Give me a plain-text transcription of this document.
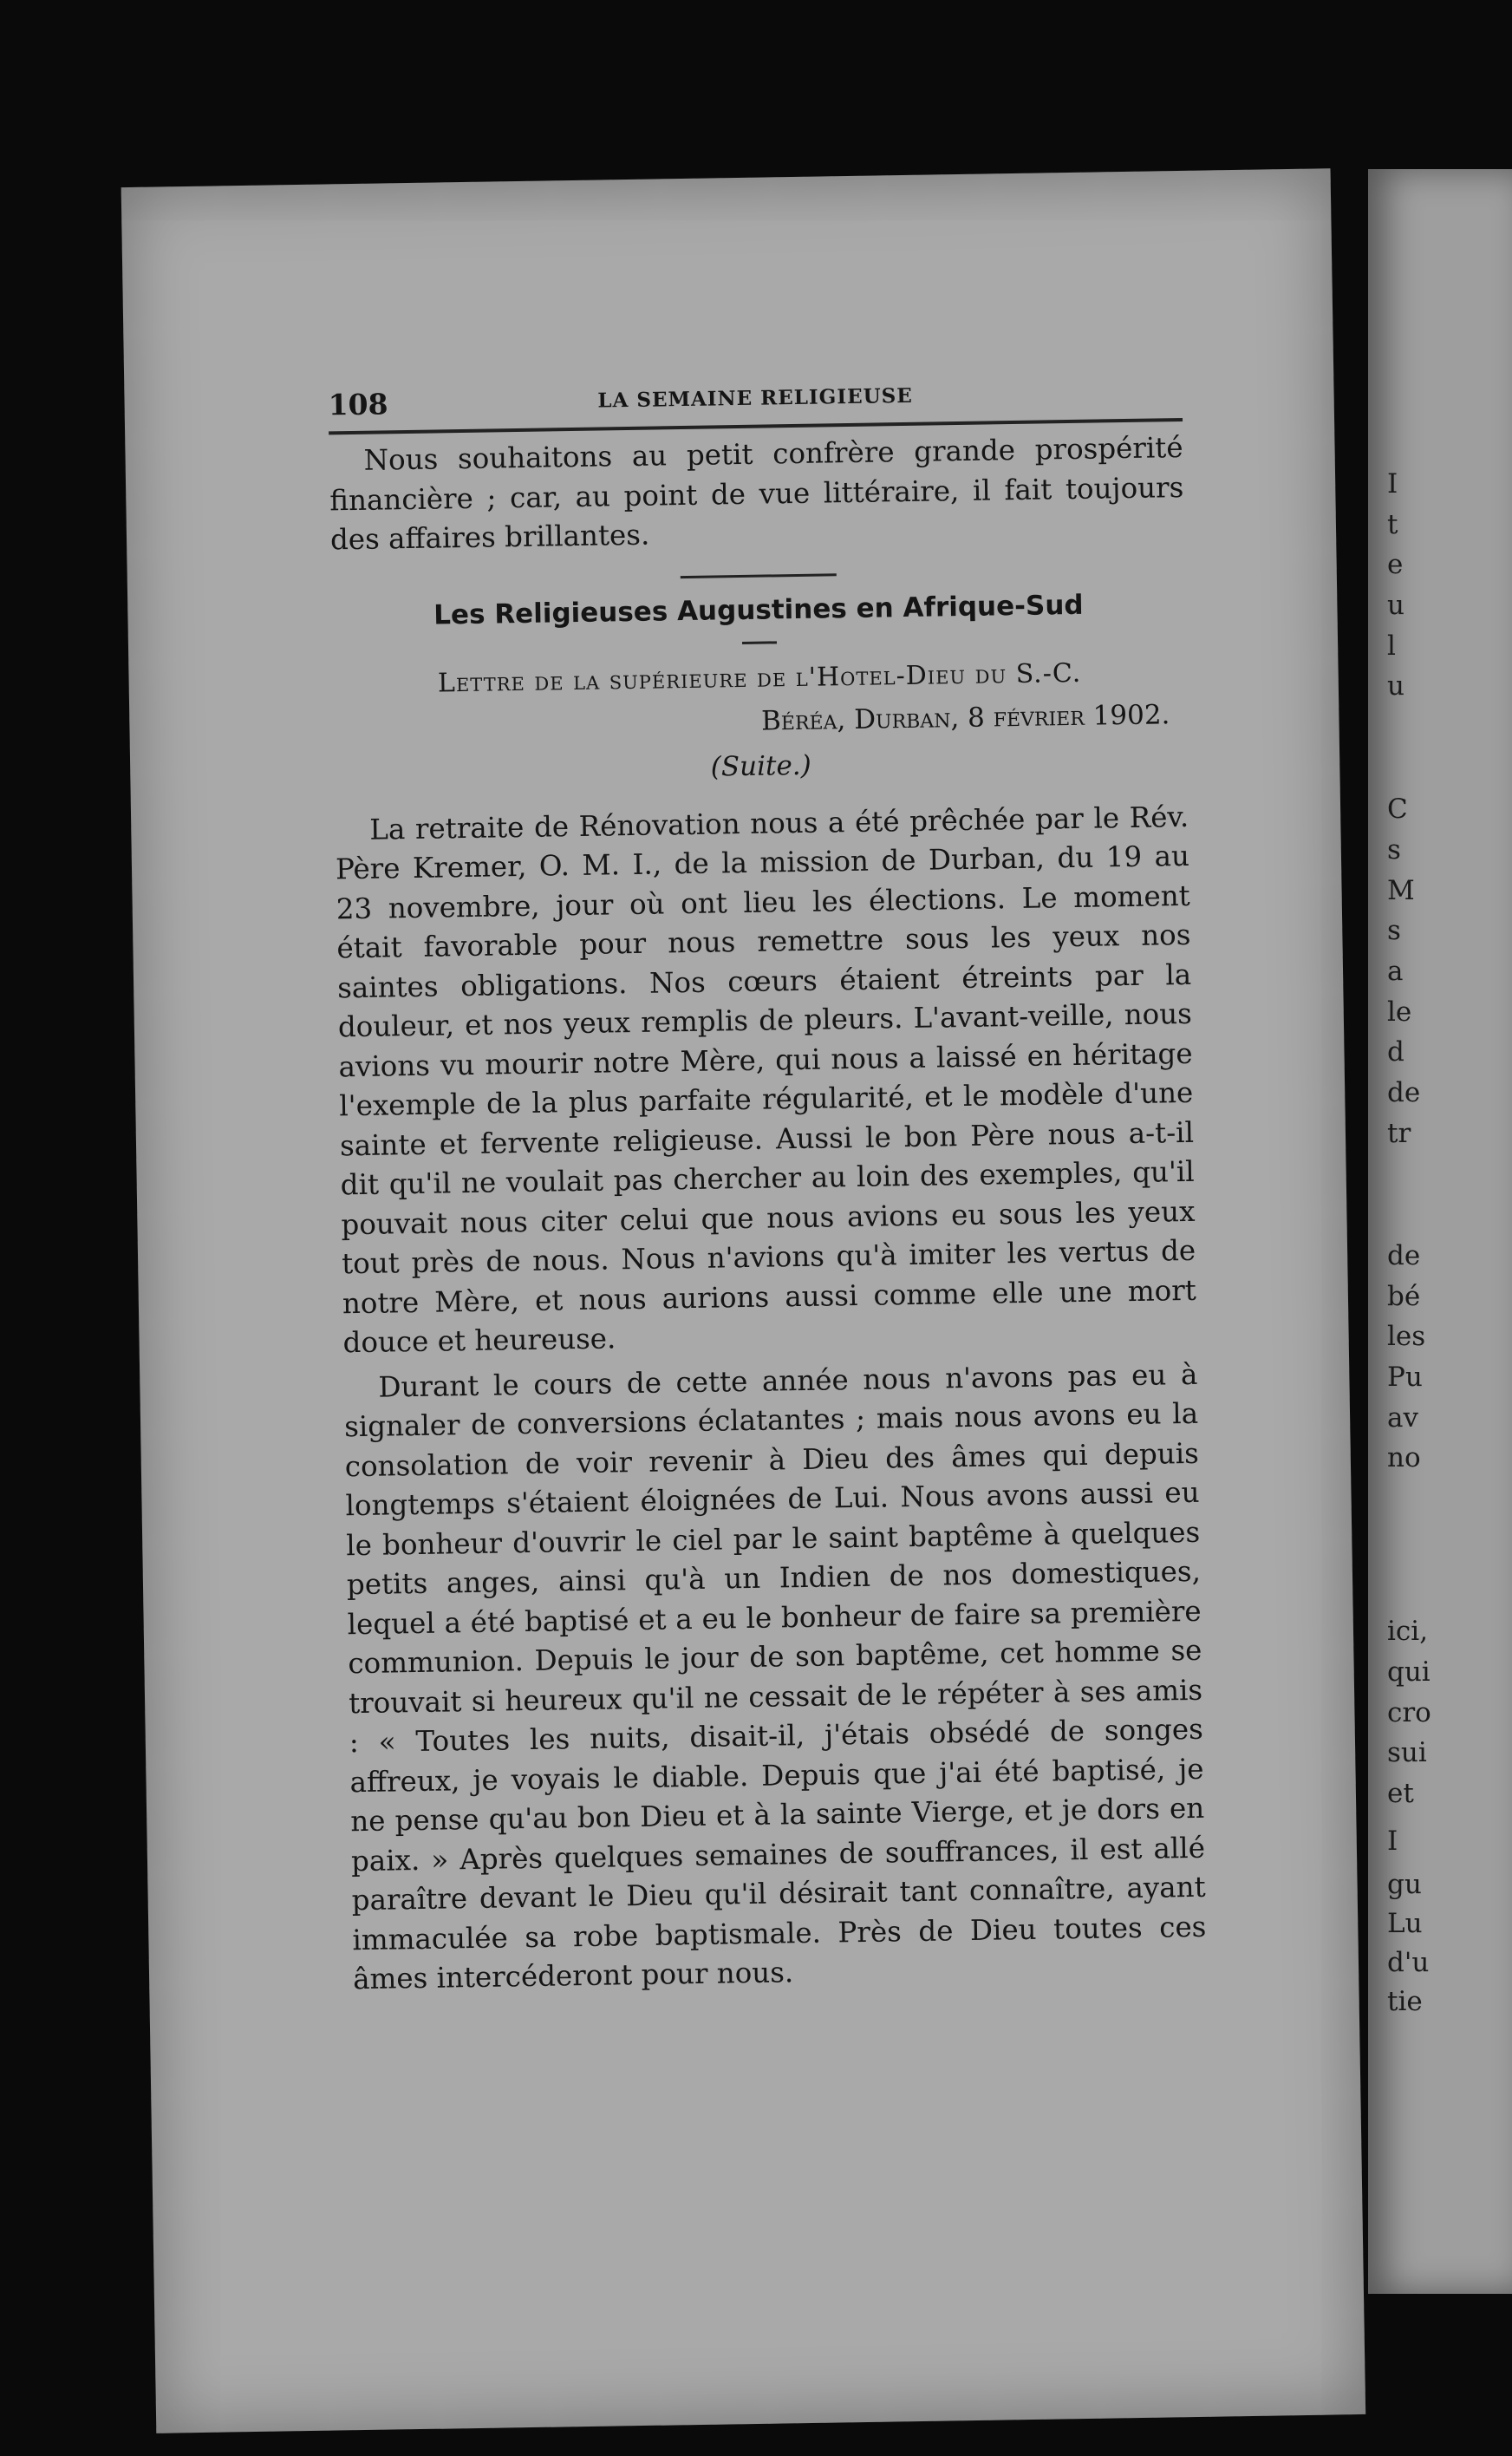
108	LA SEMAINE RELIGIEUSE

Nous souhaitons au petit confrère grande prospérité financière ; car, au point de vue littéraire, il fait toujours des affaires brillantes.

Les Religieuses Augustines en Afrique-Sud
Lettre de la supérieure de l'Hotel-Dieu du S.-C.
Béréa, Durban, 8 février 1902.
(Suite.)

La retraite de Rénovation nous a été prêchée par le Rév. Père Kremer, O. M. I., de la mission de Durban, du 19 au 23 novembre, jour où ont lieu les élections. Le moment était favorable pour nous remettre sous les yeux nos saintes obligations. Nos cœurs étaient étreints par la douleur, et nos yeux remplis de pleurs. L'avant-veille, nous avions vu mourir notre Mère, qui nous a laissé en héritage l'exemple de la plus parfaite régularité, et le modèle d'une sainte et fervente religieuse. Aussi le bon Père nous a-t-il dit qu'il ne voulait pas chercher au loin des exemples, qu'il pouvait nous citer celui que nous avions eu sous les yeux tout près de nous. Nous n'avions qu'à imiter les vertus de notre Mère, et nous aurions aussi comme elle une mort douce et heureuse.

Durant le cours de cette année nous n'avons pas eu à signaler de conversions éclatantes ; mais nous avons eu la consolation de voir revenir à Dieu des âmes qui depuis longtemps s'étaient éloignées de Lui. Nous avons aussi eu le bonheur d'ouvrir le ciel par le saint baptême à quelques petits anges, ainsi qu'à un Indien de nos domestiques, lequel a été baptisé et a eu le bonheur de faire sa première communion. Depuis le jour de son baptême, cet homme se trouvait si heureux qu'il ne cessait de le répéter à ses amis : « Toutes les nuits, disait-il, j'étais obsédé de songes affreux, je voyais le diable. Depuis que j'ai été baptisé, je ne pense qu'au bon Dieu et à la sainte Vierge, et je dors en paix. » Après quelques semaines de souffrances, il est allé paraître devant le Dieu qu'il désirait tant connaître, ayant immaculée sa robe baptismale. Près de Dieu toutes ces âmes intercéderont pour nous.

I
t
e
u
l
u
C
s
M
s
a
le
d
de
tr
de
bé
les
Pu
av
no
ici,
qui
cro
sui
et
I
gu
Lu
d'u
tie
